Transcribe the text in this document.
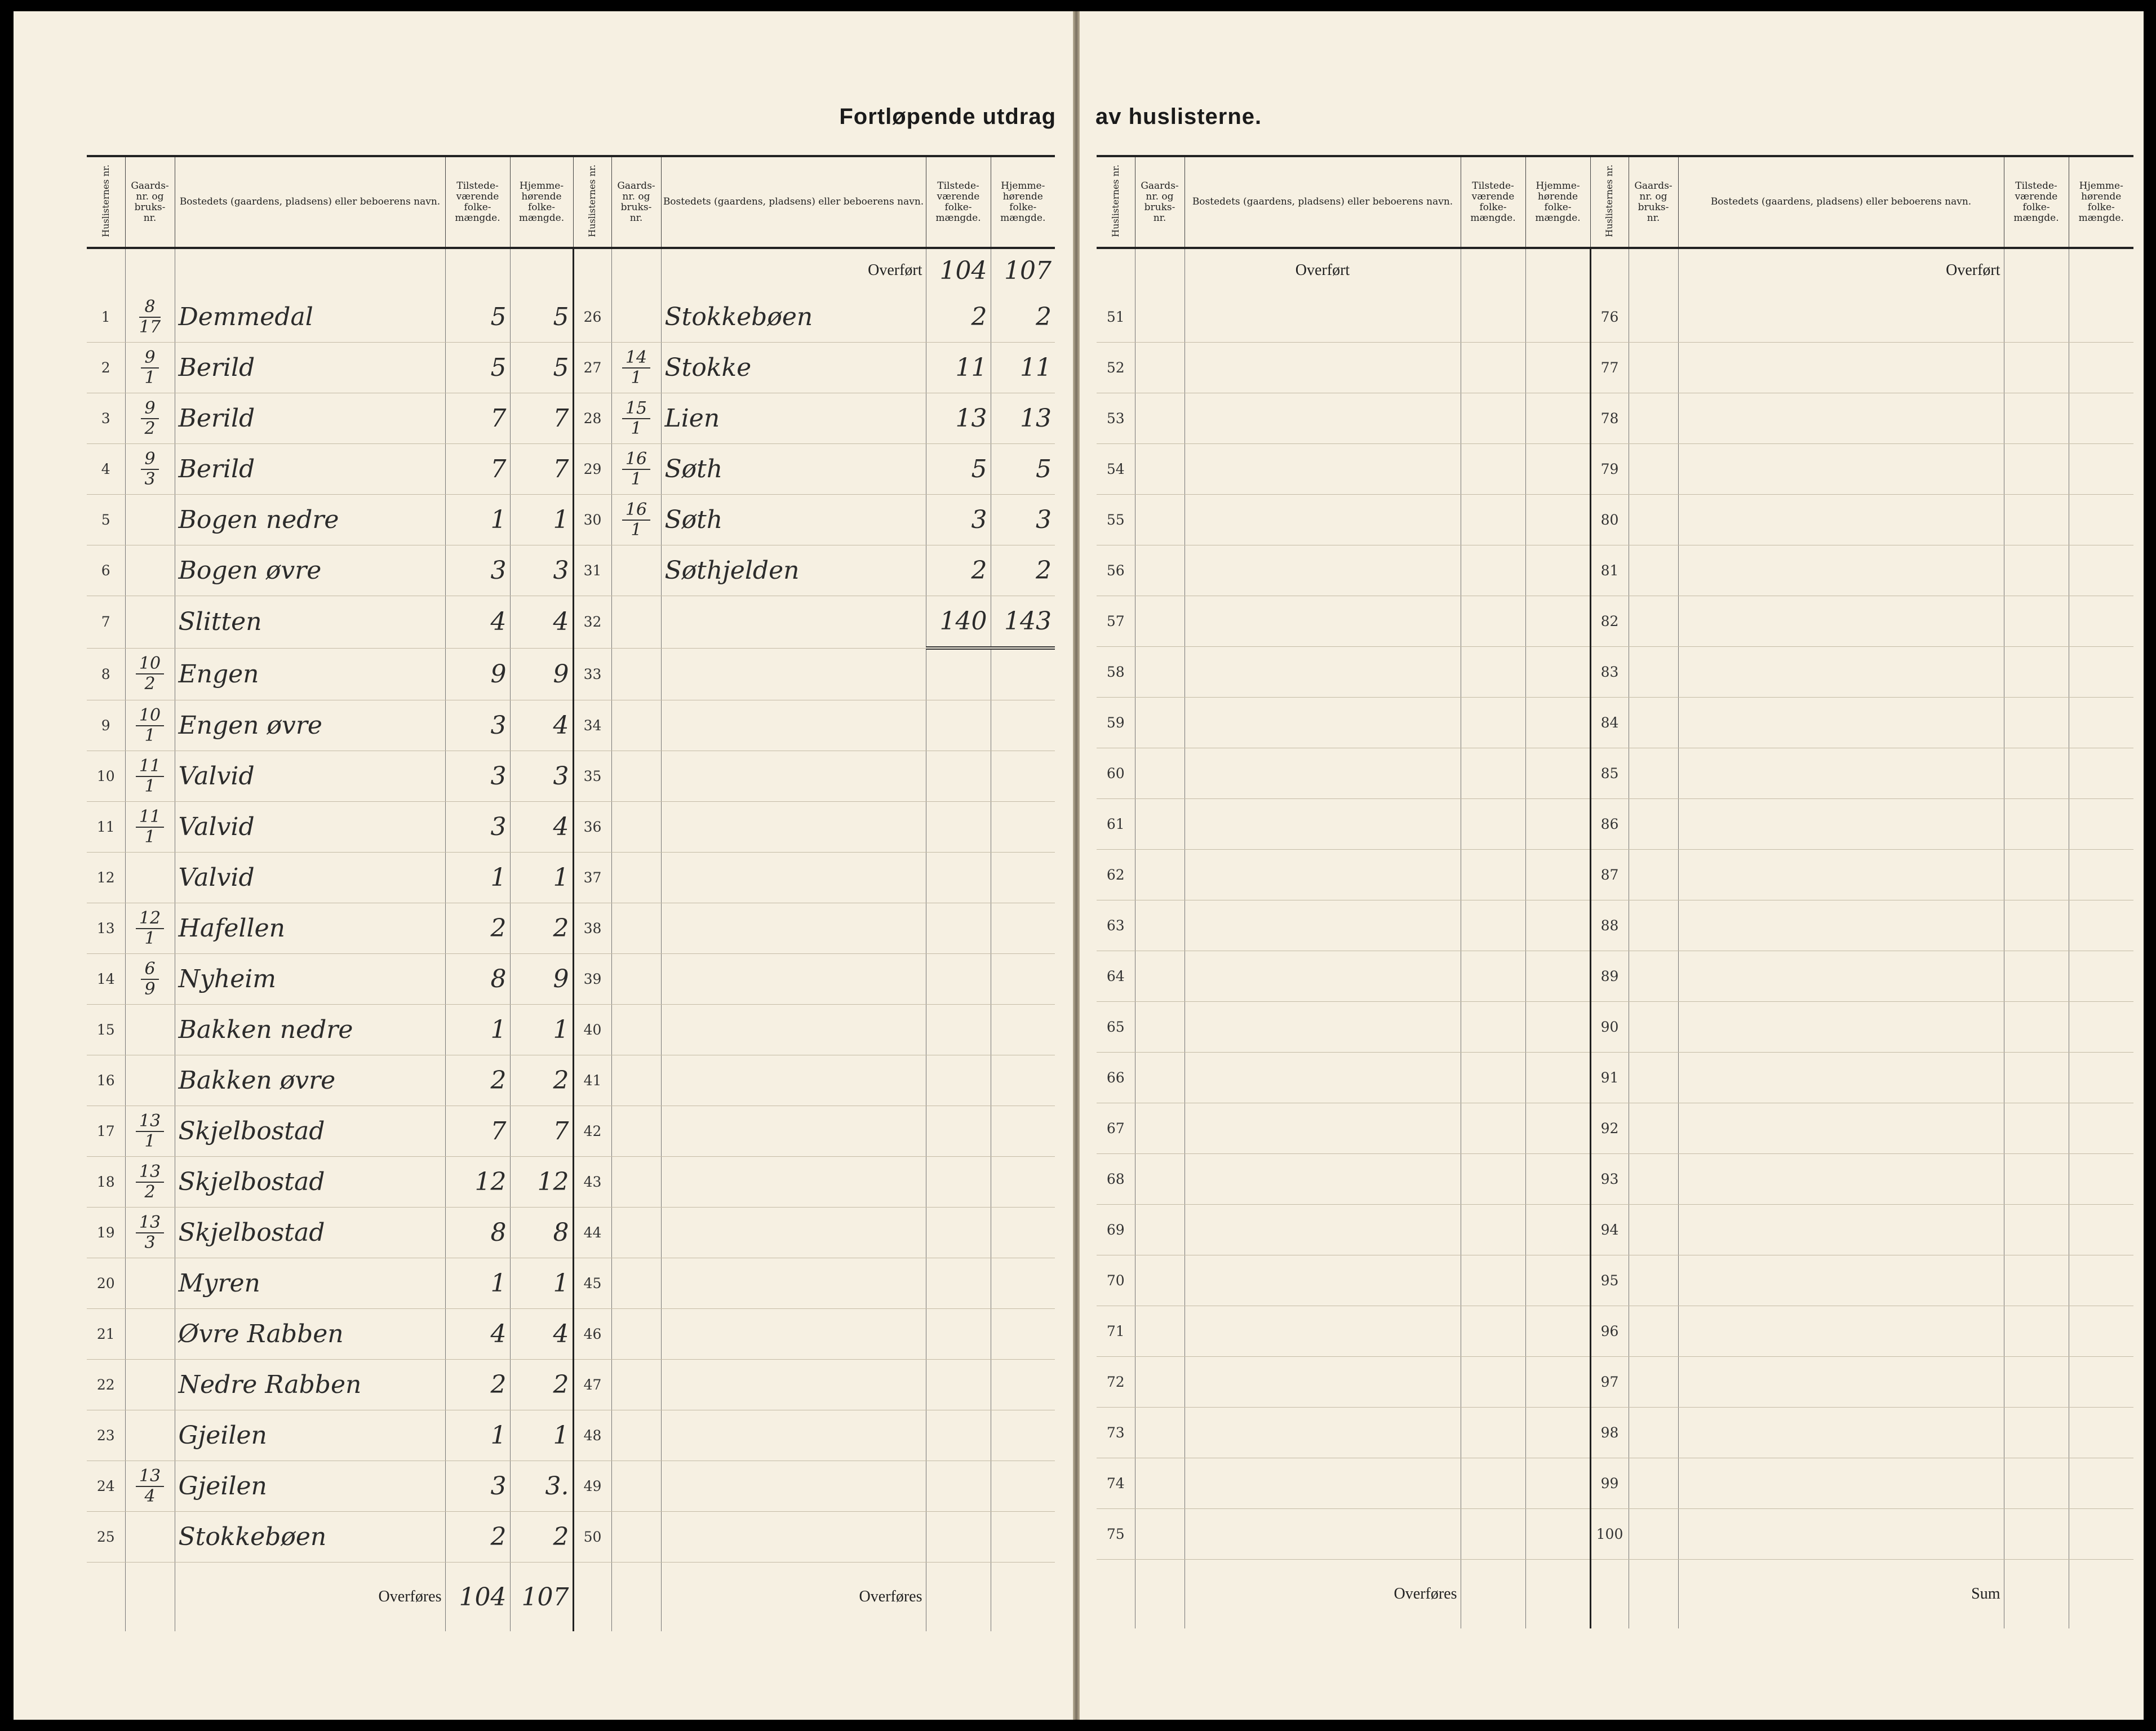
Fortløpende utdrag
Huslisternes nr.	Gaards- nr. og bruks- nr.	Bostedets (gaardens, pladsens) eller beboerens navn.	Tilstede- værende folke- mængde.	Hjemme- hørende folke- mængde.	Huslisternes nr.	Gaards- nr. og bruks- nr.	Bostedets (gaardens, pladsens) eller beboerens navn.	Tilstede- værende folke- mængde.	Hjemme- hørende folke- mængde.
							Overført	104	107
1	$\frac{8}{17}$	Demmedal	5	5	26		Stokkebøen	2	2
2	$\frac{9}{1}$	Berild	5	5	27	$\frac{14}{1}$	Stokke	11	11
3	$\frac{9}{2}$	Berild	7	7	28	$\frac{15}{1}$	Lien	13	13
4	$\frac{9}{3}$	Berild	7	7	29	$\frac{16}{1}$	Søth	5	5
5		Bogen nedre	1	1	30	$\frac{16}{1}$	Søth	3	3
6		Bogen øvre	3	3	31		Søthjelden	2	2
7		Slitten	4	4	32			140	143
8	$\frac{10}{2}$	Engen	9	9	33				
9	$\frac{10}{1}$	Engen øvre	3	4	34				
10	$\frac{11}{1}$	Valvid	3	3	35				
11	$\frac{11}{1}$	Valvid	3	4	36				
12		Valvid	1	1	37				
13	$\frac{12}{1}$	Hafellen	2	2	38				
14	$\frac{6}{9}$	Nyheim	8	9	39				
15		Bakken nedre	1	1	40				
16		Bakken øvre	2	2	41				
17	$\frac{13}{1}$	Skjelbostad	7	7	42				
18	$\frac{13}{2}$	Skjelbostad	12	12	43				
19	$\frac{13}{3}$	Skjelbostad	8	8	44				
20		Myren	1	1	45				
21		Øvre Rabben	4	4	46				
22		Nedre Rabben	2	2	47				
23		Gjeilen	1	1	48				
24	$\frac{13}{4}$	Gjeilen	3	3.	49				
25		Stokkebøen	2	2	50				
		Overføres	104	107			Overføres		
av huslisterne.
Huslisternes nr.	Gaards- nr. og bruks- nr.	Bostedets (gaardens, pladsens) eller beboerens navn.	Tilstede- værende folke- mængde.	Hjemme- hørende folke- mængde.	Huslisternes nr.	Gaards- nr. og bruks- nr.	Bostedets (gaardens, pladsens) eller beboerens navn.	Tilstede- værende folke- mængde.	Hjemme- hørende folke- mængde.
		Overført					Overført		
51					76				
52					77				
53					78				
54					79				
55					80				
56					81				
57					82				
58					83				
59					84				
60					85				
61					86				
62					87				
63					88				
64					89				
65					90				
66					91				
67					92				
68					93				
69					94				
70					95				
71					96				
72					97				
73					98				
74					99				
75					100				
		Overføres					Sum		
